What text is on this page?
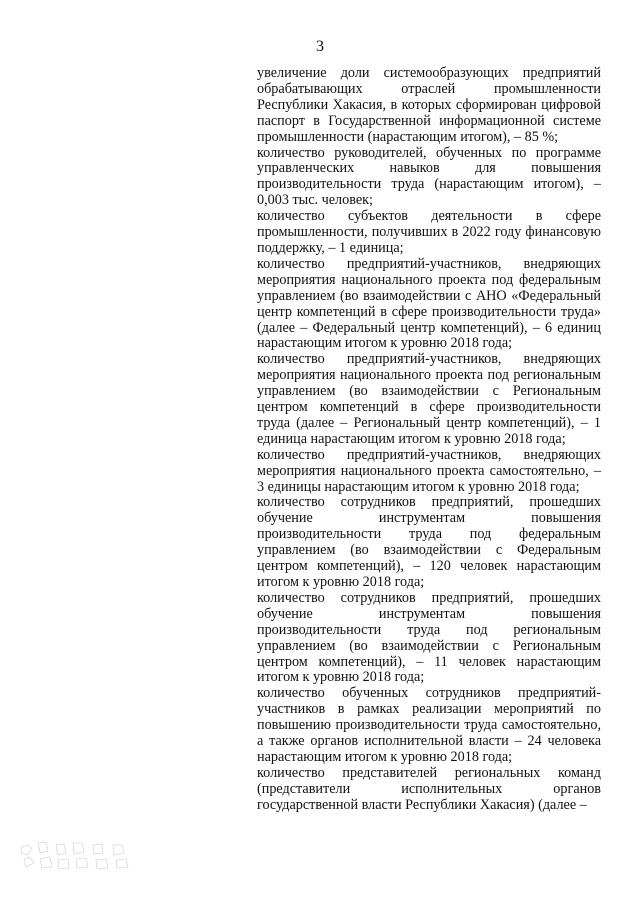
3

увеличение доли системообразующих предприятий обрабатывающих отраслей промышленности Республики Хакасия, в которых сформирован цифровой паспорт в Государственной информационной системе промышленности (нарастающим итогом), – 85 %;

количество руководителей, обученных по программе управленческих навыков для повышения производительности труда (нарастающим итогом), – 0,003 тыс. человек;

количество субъектов деятельности в сфере промышленности, получивших в 2022 году финансовую поддержку, – 1 единица;

количество предприятий-участников, внедряющих мероприятия национального проекта под федеральным управлением (во взаимодействии с АНО «Федеральный центр компетенций в сфере производительности труда» (далее – Федеральный центр компетенций), – 6 единиц нарастающим итогом к уровню 2018 года;

количество предприятий-участников, внедряющих мероприятия национального проекта под региональным управлением (во взаимодействии с Региональным центром компетенций в сфере производительности труда (далее – Региональный центр компетенций), – 1 единица нарастающим итогом к уровню 2018 года;

количество предприятий-участников, внедряющих мероприятия национального проекта самостоятельно, – 3 единицы нарастающим итогом к уровню 2018 года;

количество сотрудников предприятий, прошедших обучение инструментам повышения производительности труда под федеральным управлением (во взаимодействии с Федеральным центром компетенций), – 120 человек нарастающим итогом к уровню 2018 года;

количество сотрудников предприятий, прошедших обучение инструментам повышения производительности труда под региональным управлением (во взаимодействии с Региональным центром компетенций), – 11 человек нарастающим итогом к уровню 2018 года;

количество обученных сотрудников предприятий-участников в рамках реализации мероприятий по повышению производительности труда самостоятельно, а также органов исполнительной власти – 24 человека нарастающим итогом к уровню 2018 года;

количество представителей региональных команд (представители исполнительных органов государственной власти Республики Хакасия) (далее –
